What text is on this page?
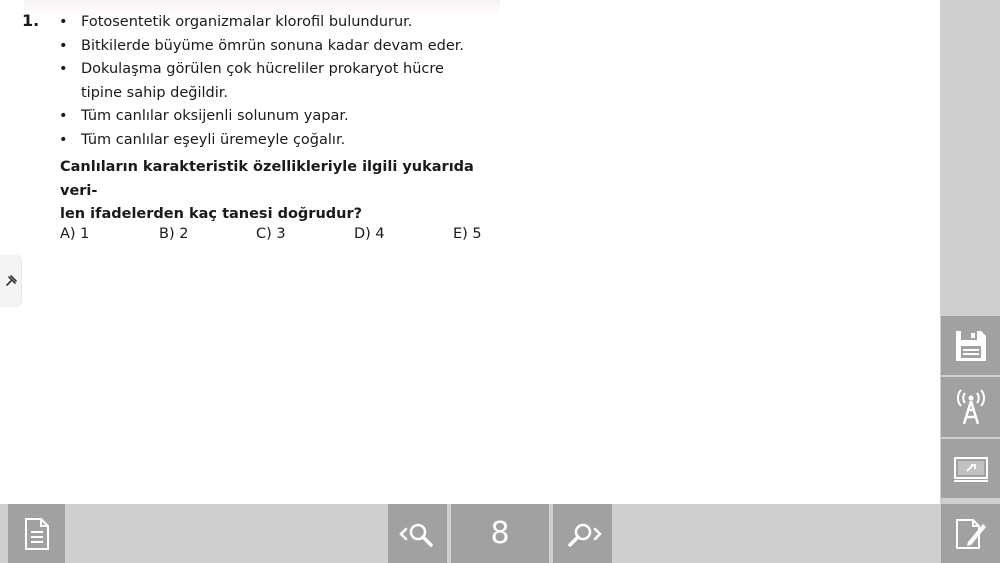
1.
•	Fotosentetik organizmalar klorofil bulundurur.
• Bitkilerde büyüme ömrün sonuna kadar devam eder.
• Dokulaşma görülen çok hücreliler prokaryot hücre tipine sahip değildir.
• Tüm canlılar oksijenli solunum yapar.
• Tüm canlılar eşeyli üremeyle çoğalır.
Canlıların karakteristik özellikleriyle ilgili yukarıda veri-
len ifadelerden kaç tanesi doğrudur?
A) 1	B) 2	C) 3	D) 4	E) 5
8
